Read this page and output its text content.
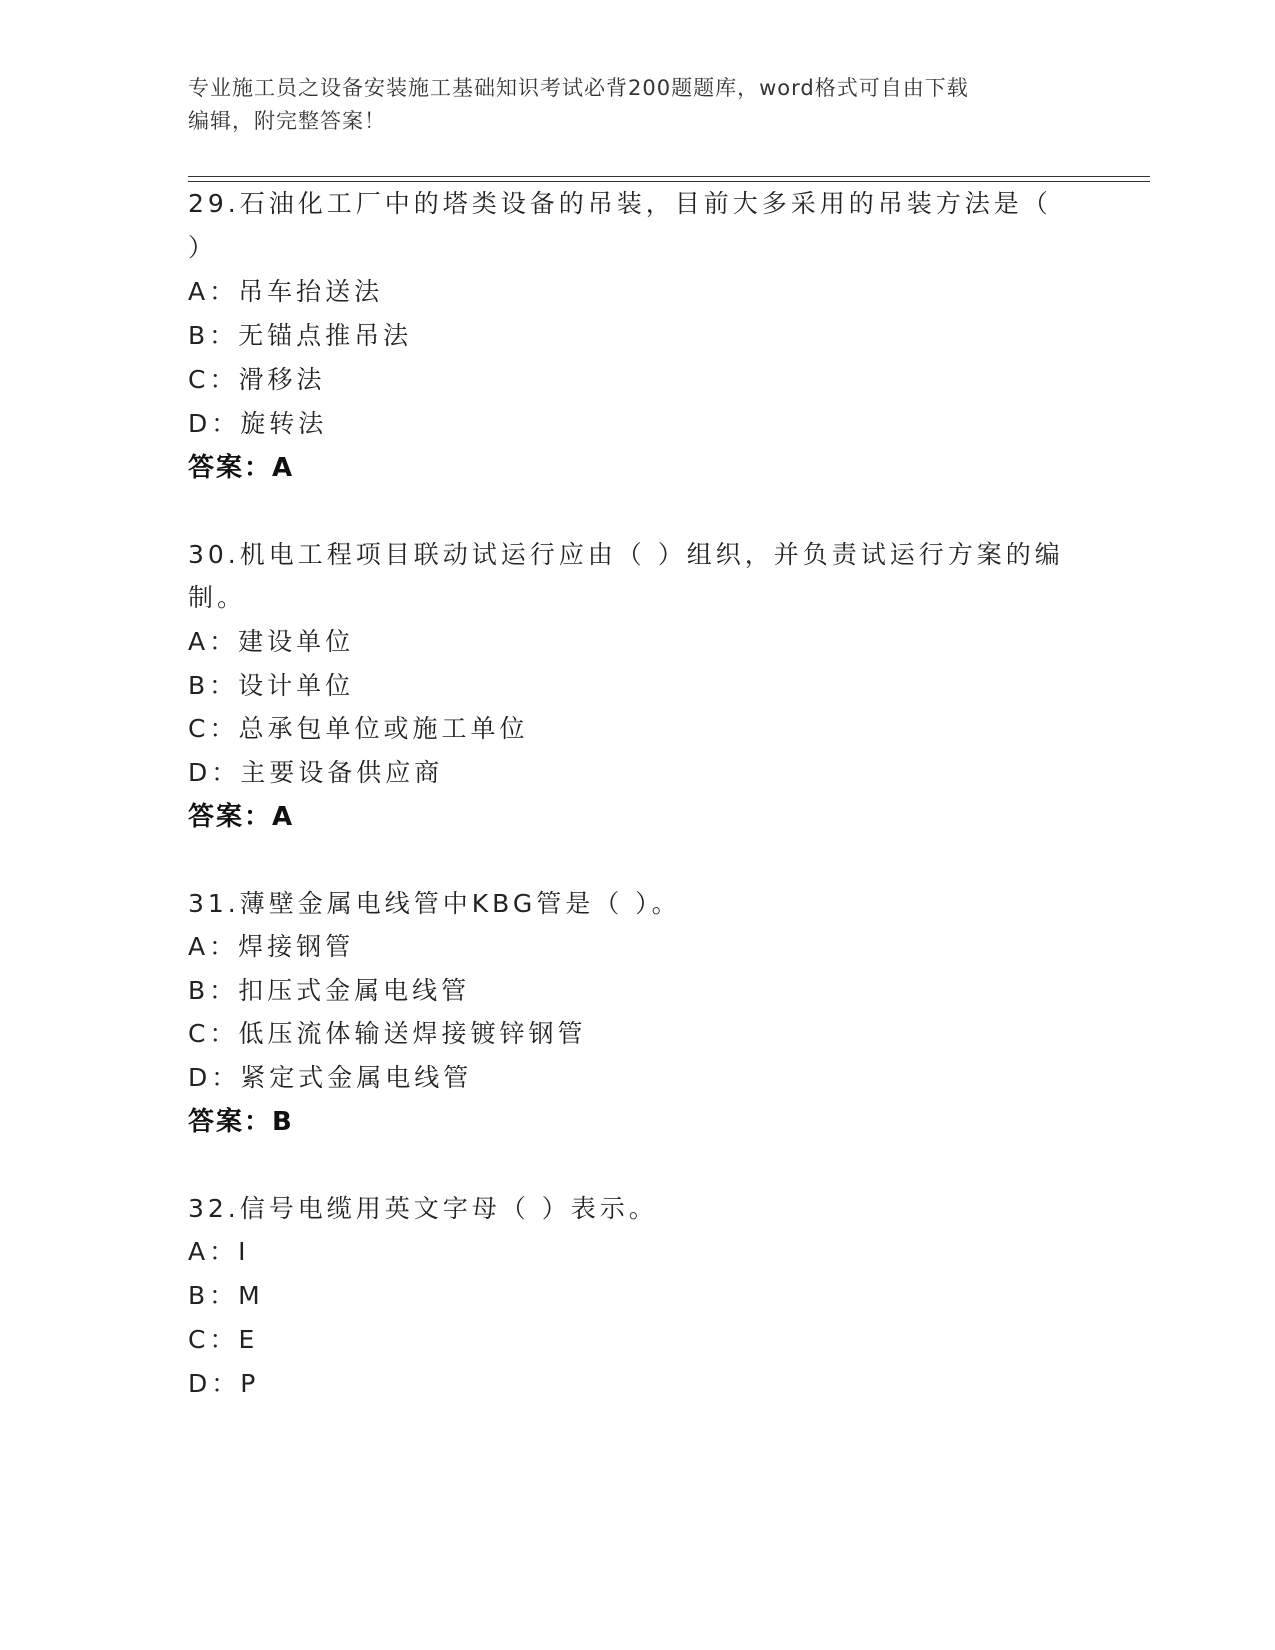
专业施工员之设备安装施工基础知识考试必背200题题库，word格式可自由下载
编辑，附完整答案！
29.石油化工厂中的塔类设备的吊装，目前大多采用的吊装方法是（
）
A：吊车抬送法
B：无锚点推吊法
C：滑移法
D：旋转法
答案：A
30.机电工程项目联动试运行应由（ ）组织，并负责试运行方案的编
制。
A：建设单位
B：设计单位
C：总承包单位或施工单位
D：主要设备供应商
答案：A
31.薄壁金属电线管中KBG管是（ ）。
A：焊接钢管
B：扣压式金属电线管
C：低压流体输送焊接镀锌钢管
D：紧定式金属电线管
答案：B
32.信号电缆用英文字母（ ）表示。
A：I
B：M
C：E
D：P
